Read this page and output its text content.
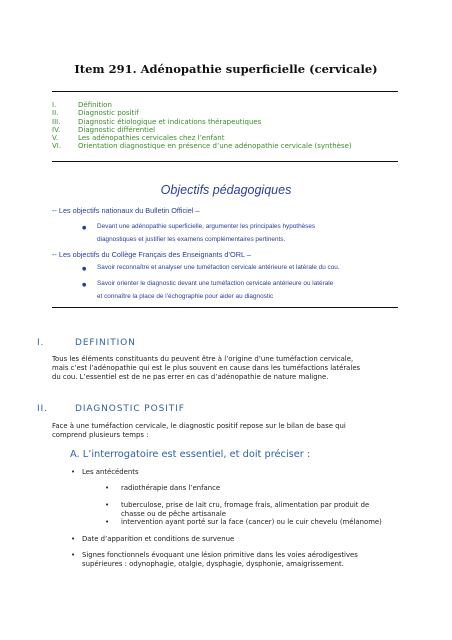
Item 291. Adénopathie superficielle (cervicale)
I.	Définition
II.	Diagnostic positif
III.	Diagnostic étiologique et indications thérapeutiques
IV.	Diagnostic différentiel
V.	Les adénopathies cervicales chez l’enfant
VI.	Orientation diagnostique en présence d’une adénopathie cervicale (synthèse)
Objectifs pédagogiques
-- Les objectifs nationaux du Bulletin Officiel –
● Devant une adénopathie superficielle, argumenter les principales hypothèses
diagnostiques et justifier les examens complémentaires pertinents.
-- Les objectifs du Collège Français des Enseignants d’ORL –
● Savoir reconnaître et analyser une tuméfaction cervicale antérieure et latérale du cou.
● Savoir orienter le diagnostic devant une tuméfaction cervicale antérieure ou latérale
et connaître la place de l’échographie pour aider au diagnostic
I.	DEFINITION
Tous les éléments constituants du peuvent être à l’origine d’une tuméfaction cervicale,
mais c’est l’adénopathie qui est le plus souvent en cause dans les tuméfactions latérales
du cou. L’essentiel est de ne pas errer en cas d’adénopathie de nature maligne.
II.	DIAGNOSTIC POSITIF
Face à une tuméfaction cervicale, le diagnostic positif repose sur le bilan de base qui
comprend plusieurs temps :
A. L’interrogatoire est essentiel, et doit préciser :
• Les antécédents
• radiothérapie dans l’enfance
• tuberculose, prise de lait cru, fromage frais, alimentation par produit de
chasse ou de pêche artisanale
• intervention ayant porté sur la face (cancer) ou le cuir chevelu (mélanome)
• Date d’apparition et conditions de survenue
• Signes fonctionnels évoquant une lésion primitive dans les voies aérodigestives
supérieures : odynophagie, otalgie, dysphagie, dysphonie, amaigrissement.
